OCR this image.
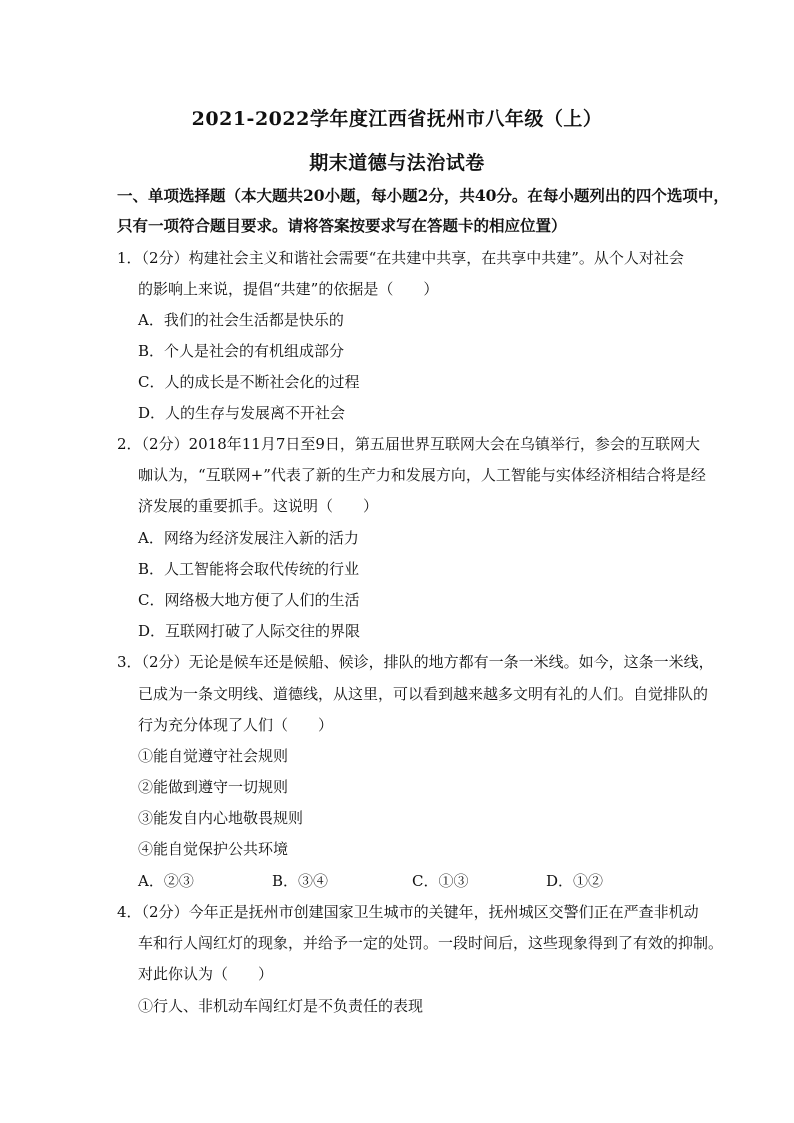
2021-2022学年度江西省抚州市八年级（上）
期末道德与法治试卷
一、单项选择题（本大题共20小题，每小题2分，共40分。在每小题列出的四个选项中，
只有一项符合题目要求。请将答案按要求写在答题卡的相应位置）
1．（2分）构建社会主义和谐社会需要“在共建中共享，在共享中共建”。从个人对社会
的影响上来说，提倡“共建”的依据是（　　）
A．我们的社会生活都是快乐的
B．个人是社会的有机组成部分
C．人的成长是不断社会化的过程
D．人的生存与发展离不开社会
2．（2分）2018年11月7日至9日，第五届世界互联网大会在乌镇举行，参会的互联网大
咖认为，“互联网+”代表了新的生产力和发展方向，人工智能与实体经济相结合将是经
济发展的重要抓手。这说明（　　）
A．网络为经济发展注入新的活力
B．人工智能将会取代传统的行业
C．网络极大地方便了人们的生活
D．互联网打破了人际交往的界限
3．（2分）无论是候车还是候船、候诊，排队的地方都有一条一米线。如今，这条一米线，
已成为一条文明线、道德线，从这里，可以看到越来越多文明有礼的人们。自觉排队的
行为充分体现了人们（　　）
①能自觉遵守社会规则
②能做到遵守一切规则
③能发自内心地敬畏规则
④能自觉保护公共环境
A．②③	B．③④	C．①③	D．①②
4．（2分）今年正是抚州市创建国家卫生城市的关键年，抚州城区交警们正在严查非机动
车和行人闯红灯的现象，并给予一定的处罚。一段时间后，这些现象得到了有效的抑制。
对此你认为（　　）
①行人、非机动车闯红灯是不负责任的表现
